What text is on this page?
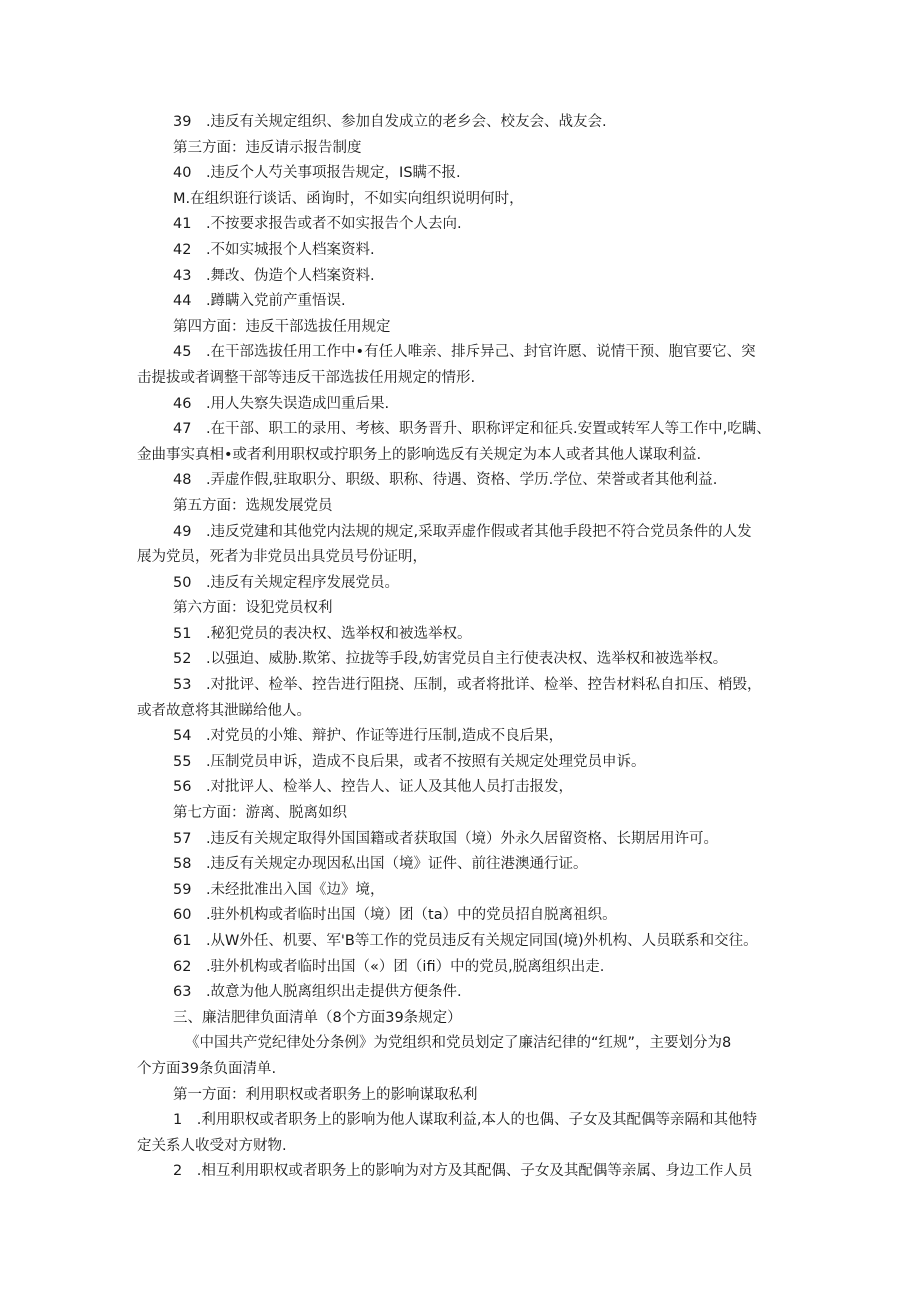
39　.违反有关规定组织、参加自发成立的老乡会、校友会、战友会.
第三方面：违反请示报告制度
40　.违反个人芍关事项报告规定，IS瞒不报.
M.在组织诳行谈话、函询时，不如实向组织说明何时，
41　.不按要求报告或者不如实报告个人去向.
42　.不如实城报个人档案资料.
43　.舞改、伪造个人档案资料.
44　.蹲瞒入党前产重悟误.
第四方面：违反干部选拔任用规定
45　.在干部选拔任用工作中•有任人唯亲、排斥异己、封官许愿、说情干预、胞官要它、突
击提拔或者调整干部等违反干部选拔任用规定的情形.
46　.用人失察失误造成凹重后果.
47　.在干部、职工的录用、考核、职务晋升、职称评定和征兵.安置或转军人等工作中,吃瞒、
金曲事实真相•或者利用职权或拧职务上的影响选反有关规定为本人或者其他人谋取利益.
48　.弄虚作假,驻取职分、职级、职称、待遇、资格、学历.学位、荣誉或者其他利益.
第五方面：选规发展党员
49　.违反党建和其他党内法规的规定,采取弄虚作假或者其他手段把不符合党员条件的人发
展为党员，死者为非党员出具党员号份证明，
50　.违反有关规定程序发展党员。
第六方面：设犯党员权利
51　.秘犯党员的表决权、选举权和被选举权。
52　.以强迫、威胁.欺笫、拉拢等手段,妨害党员自主行使表决权、选举权和被选举权。
53　.对批评、检举、控告进行阻挠、压制，或者将批详、检举、控告材料私自扣压、梢毁，
或者故意将其泄睇给他人。
54　.对党员的小雉、辩护、作证等进行压制,造成不良后果，
55　.压制党员申诉，造成不良后果，或者不按照有关规定处理党员申诉。
56　.对批评人、检举人、控告人、证人及其他人员打击报发，
第七方面：游离、脱离如织
57　.违反有关规定取得外国国籍或者获取国（境）外永久居留资格、长期居用许可。
58　.违反有关规定办现因私出国（境》证件、前往港澳通行证。
59　.未经批准出入国《边》境，
60　.驻外机构或者临时出国（境）团（ta）中的党员招自脱离祖织。
61　.从W外任、机要、军'B等工作的党员违反有关规定同国(境)外机构、人员联系和交往。
62　.驻外机构或者临时出国（«）团（ifi）中的党员,脱离组织出走.
63　.故意为他人脱离组织出走提供方便条件.
三、廉洁肥律负面清单（8个方面39条规定）
《中国共产党纪律处分条例》为党组织和党员划定了廉洁纪律的“红规”，主要划分为8
个方面39条负面清单.
第一方面：利用职权或者职务上的影响谋取私利
1　.利用职权或者职务上的影响为他人谋取利益,本人的也偶、子女及其配偶等亲隔和其他特
定关系人收受对方财物.
2　.相互利用职权或者职务上的影响为对方及其配偶、子女及其配偶等亲属、身边工作人员
